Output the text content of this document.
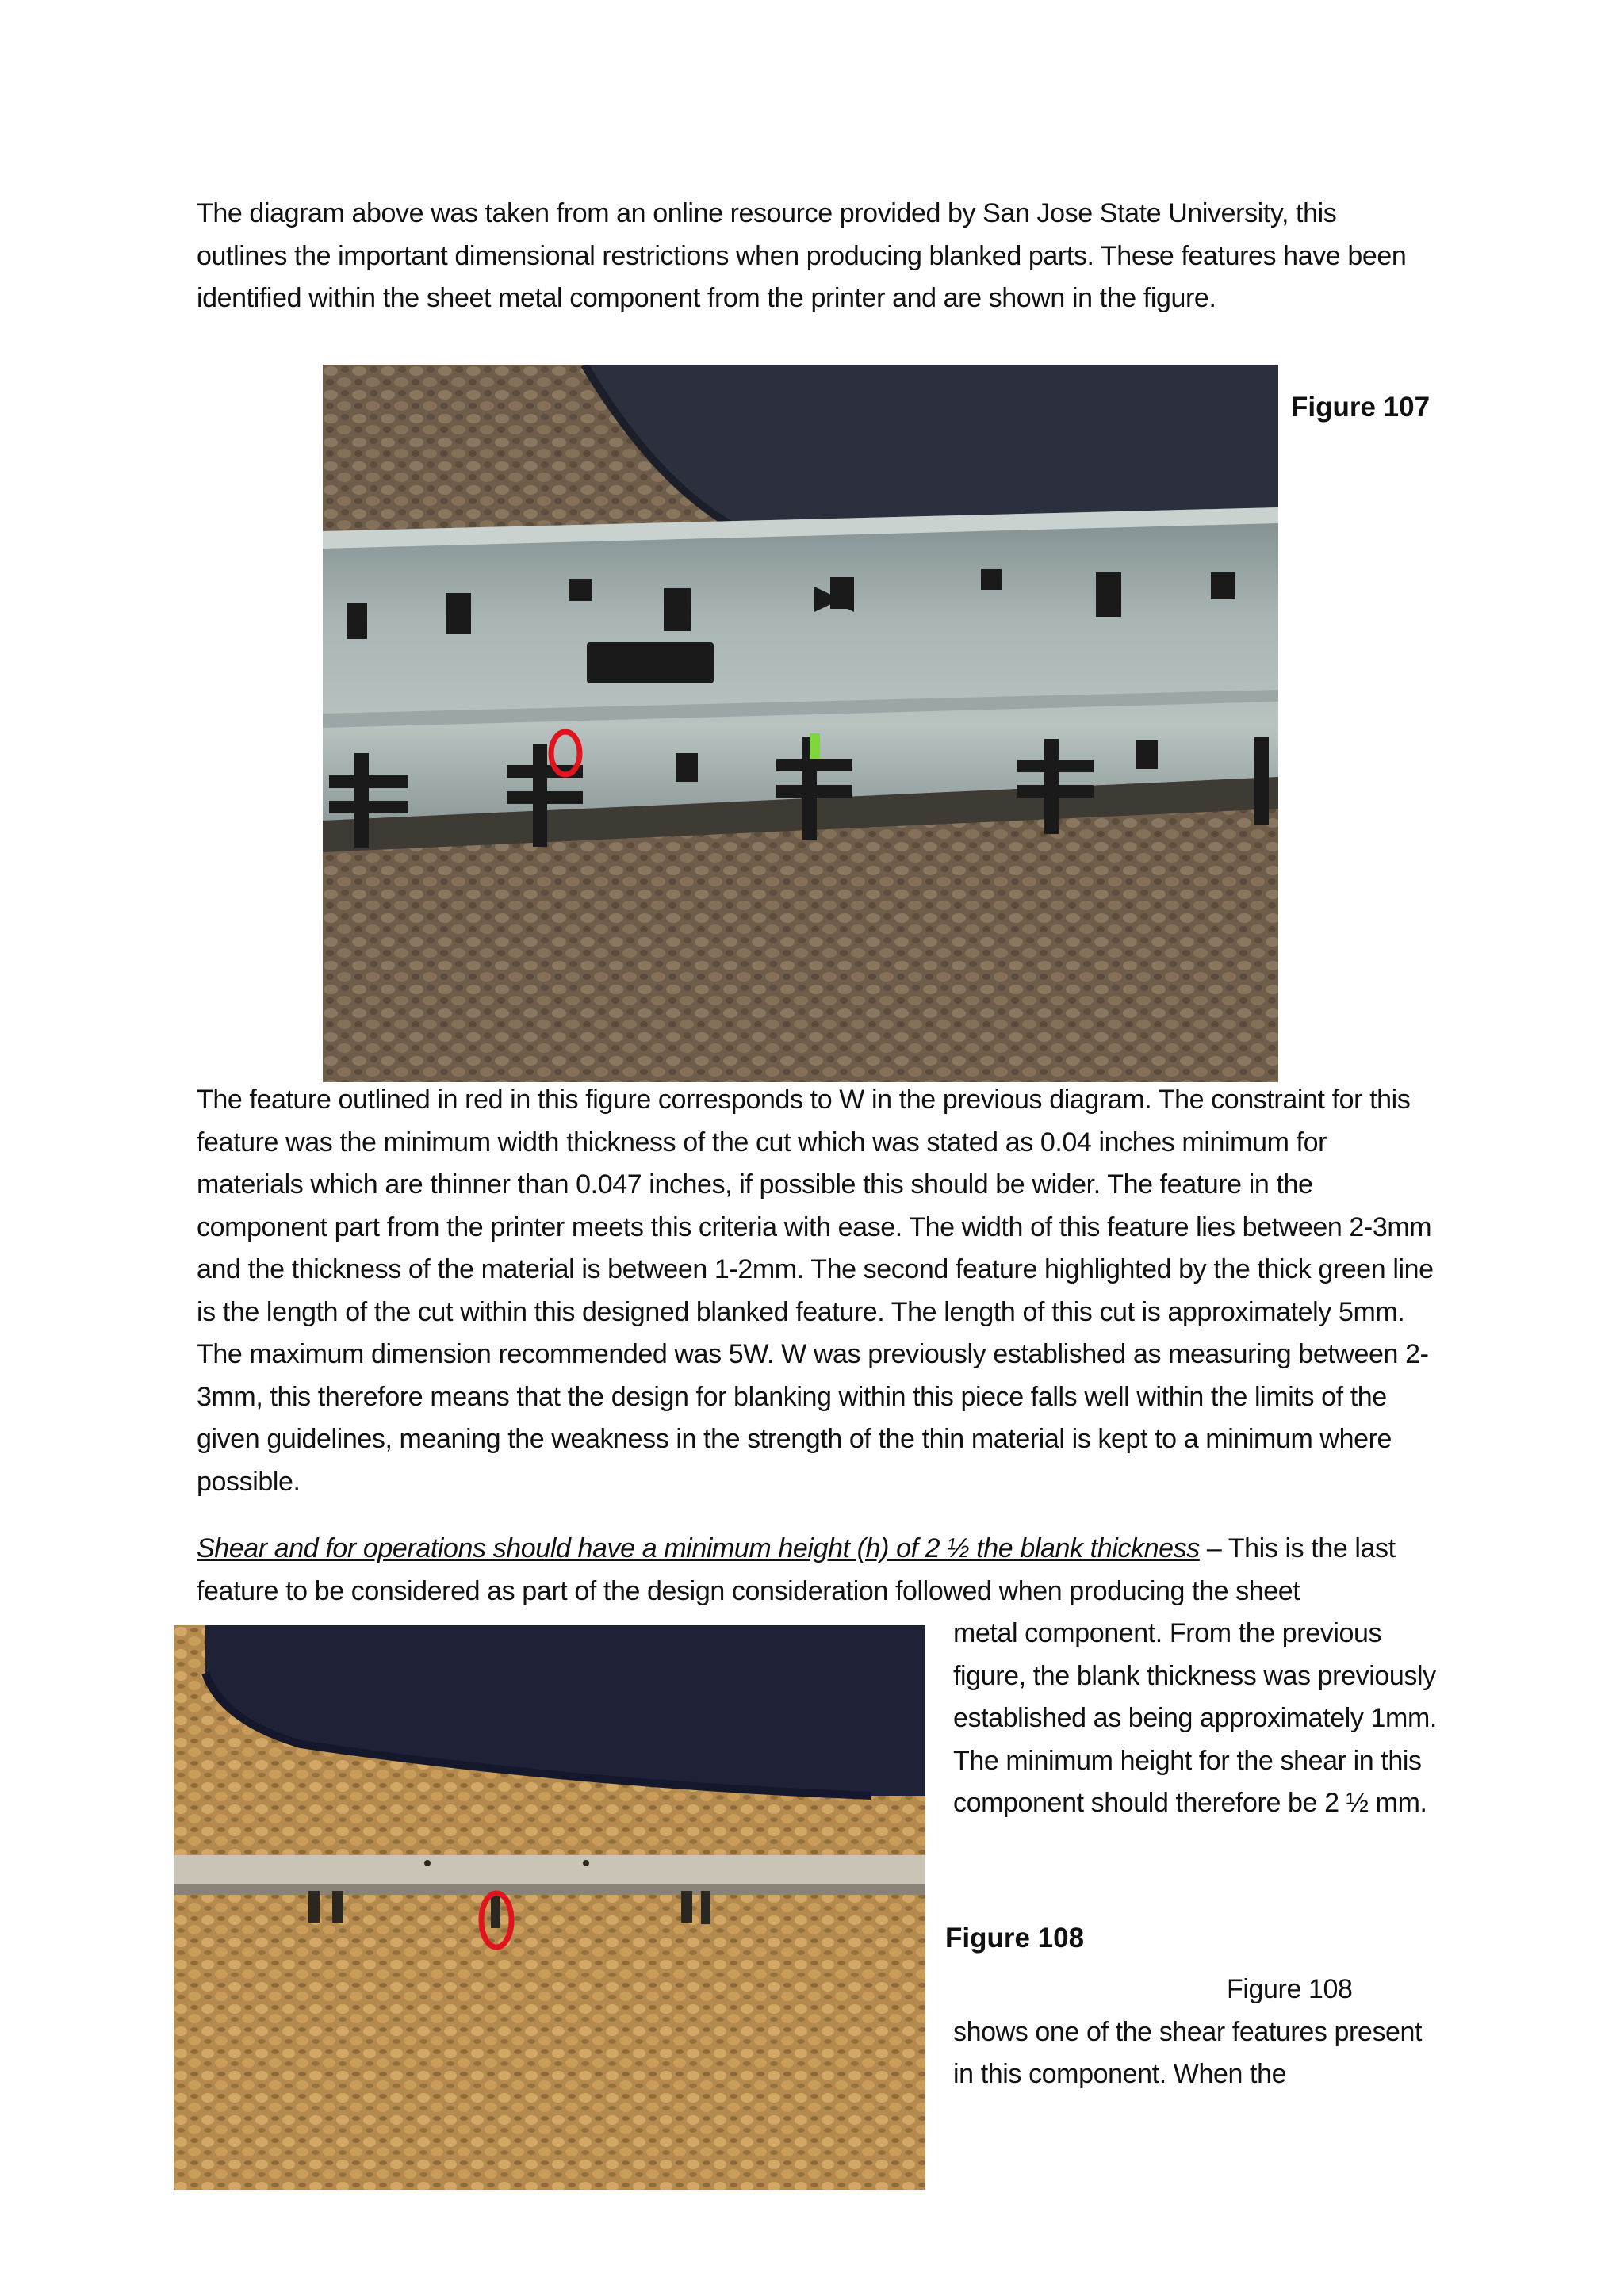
The diagram above was taken from an online resource provided by San Jose State University, this outlines the important dimensional restrictions when producing blanked parts. These features have been identified within the sheet metal component from the printer and are shown in the figure.
Figure 107
The feature outlined in red in this figure corresponds to W in the previous diagram. The constraint for this feature was the minimum width thickness of the cut which was stated as 0.04 inches minimum for materials which are thinner than 0.047 inches, if possible this should be wider. The feature in the component part from the printer meets this criteria with ease. The width of this feature lies between 2-3mm and the thickness of the material is between 1-2mm. The second feature highlighted by the thick green line is the length of the cut within this designed blanked feature. The length of this cut is approximately 5mm. The maximum dimension recommended was 5W. W was previously established as measuring between 2-3mm, this therefore means that the design for blanking within this piece falls well within the limits of the given guidelines, meaning the weakness in the strength of the thin material is kept to a minimum where possible.
Shear and for operations should have a minimum height (h) of 2 ½ the blank thickness – This is the last feature to be considered as part of the design consideration followed when producing the sheet
metal component. From the previous figure, the blank thickness was previously established as being approximately 1mm. The minimum height for the shear in this component should therefore be 2 ½ mm.
Figure 108
Figure 108
shows one of the shear features present in this component. When the
